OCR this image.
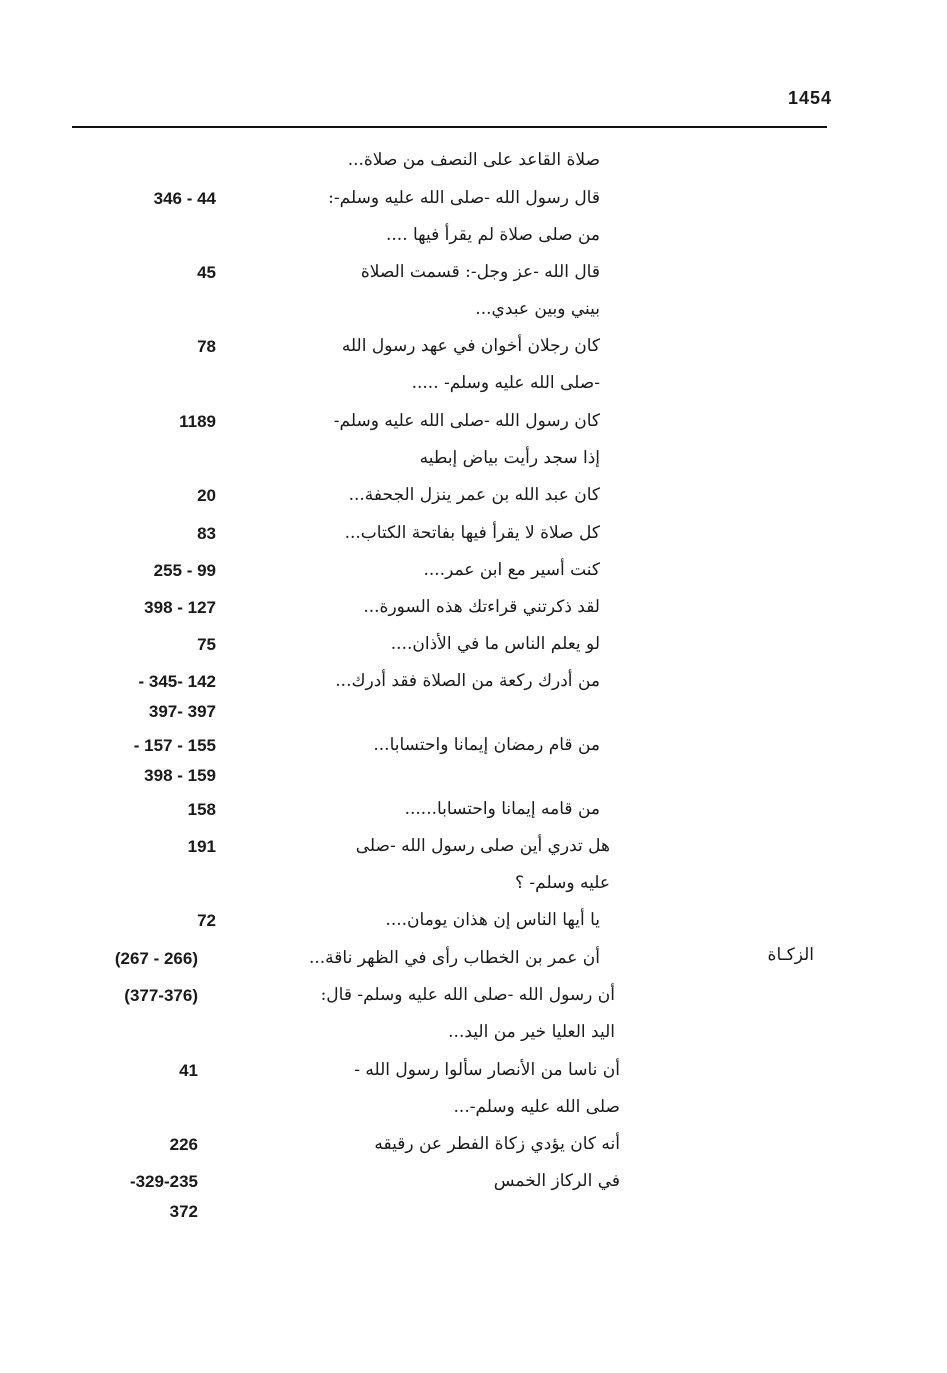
1454
الزكـاة
صلاة القاعد على النصف من صلاة...
قال رسول الله -صلى الله عليه وسلم-:
من صلى صلاة لم يقرأ فيها ....
346 - 44
قال الله -عز وجل-: قسمت الصلاة
بيني وبين عبدي...
45
كان رجلان أخوان في عهد رسول الله
-صلى الله عليه وسلم- .....
78
كان رسول الله -صلى الله عليه وسلم-
إذا سجد رأيت بياض إبطيه
1189
كان عبد الله بن عمر ينزل الجحفة...
20
كل صلاة لا يقرأ فيها بفاتحة الكتاب...
83
كنت أسير مع ابن عمر....
255 - 99
لقد ذكرتني قراءتك هذه السورة...
398 - 127
لو يعلم الناس ما في الأذان....
75
من أدرك ركعة من الصلاة فقد أدرك...
- 345- 142
397- 397
من قام رمضان إيمانا واحتسابا...
- 157 - 155
398 - 159
من قامه إيمانا واحتسابا......
158
هل تدري أين صلى رسول الله -صلى
عليه وسلم- ؟
191
يا أيها الناس إن هذان يومان....
72
أن عمر بن الخطاب رأى في الظهر ناقة...
(267 - 266)
أن رسول الله -صلى الله عليه وسلم- قال:
اليد العليا خير من اليد...
(377-376)
أن ناسا من الأنصار سألوا رسول الله -
صلى الله عليه وسلم-...
41
أنه كان يؤدي زكاة الفطر عن رقيقه
226
في الركاز الخمس
-329-235
372
